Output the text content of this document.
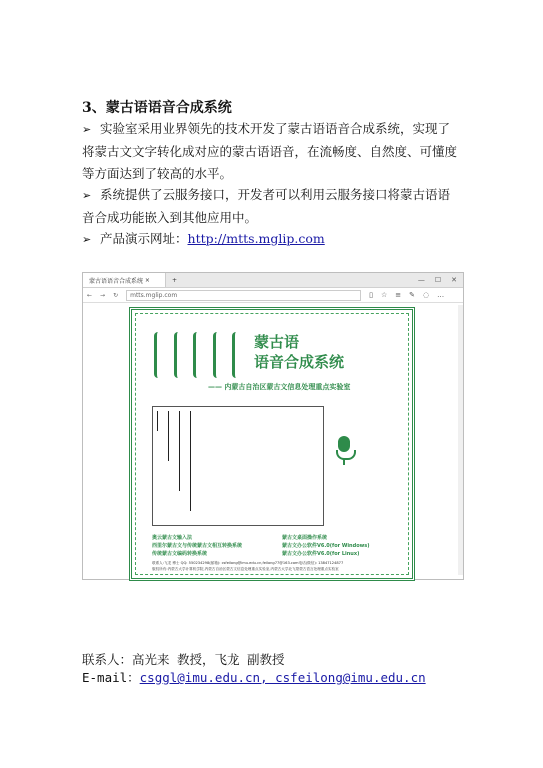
3、蒙古语语音合成系统
➢ 实验室采用业界领先的技术开发了蒙古语语音合成系统，实现了
将蒙古文文字转化成对应的蒙古语语音，在流畅度、自然度、可懂度
等方面达到了较高的水平。
➢ 系统提供了云服务接口，开发者可以利用云服务接口将蒙古语语
音合成功能嵌入到其他应用中。
➢ 产品演示网址：http://mtts.mglip.com
蒙古语语音合成系统 ×	+	— ☐ ✕
← → ↻ mtts.mglip.com	▯ ☆ ≡ ✎ ◌ …
蒙古语
语音合成系统
—— 内蒙古自治区蒙古文信息处理重点实验室
奥云蒙古文输入法
西里尔蒙古文与传统蒙古文相互转换系统
传统蒙古文编码转换系统
蒙古文桌面操作系统
蒙古文办公软件V6.0(for Windows)
蒙古文办公软件V6.0(for Linux)
联系人:飞龙 博士 QQ: 550234298(邮箱): csfeilong@imu.edu.cn,feilong77@163.com电话(微信): 13847124877
版权所有:内蒙古大学计算机学院,内蒙古自治区蒙古文信息处理重点实验室,内蒙古大学北飞蒙蒙古语言处理重点实验室
联系人：高光来 教授，飞龙 副教授
E-mail：csggl@imu.edu.cn, csfeilong@imu.edu.cn
